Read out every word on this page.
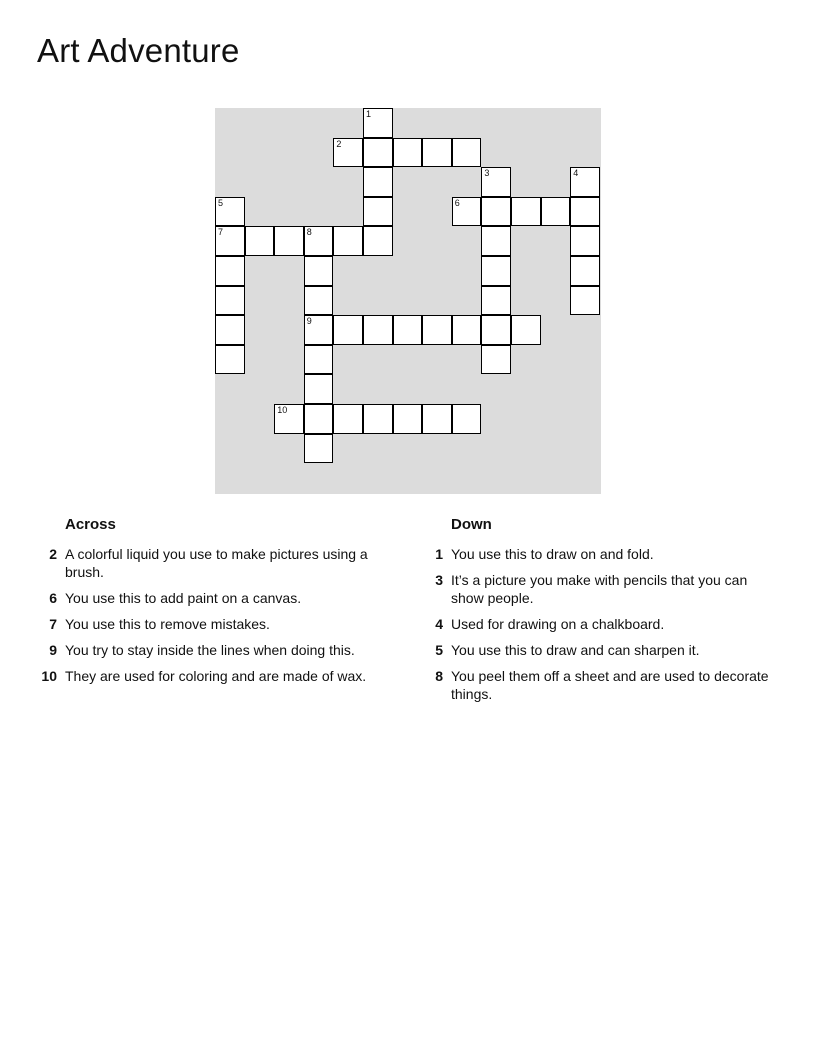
Art Adventure
1
2
3	4
5	6
7	8
9
10
Across
2 A colorful liquid you use to make pictures using a brush.
6 You use this to add paint on a canvas.
7 You use this to remove mistakes.
9 You try to stay inside the lines when doing this.
10 They are used for coloring and are made of wax.
Down
1 You use this to draw on and fold.
3 It’s a picture you make with pencils that you can show people.
4 Used for drawing on a chalkboard.
5 You use this to draw and can sharpen it.
8 You peel them off a sheet and are used to decorate things.
